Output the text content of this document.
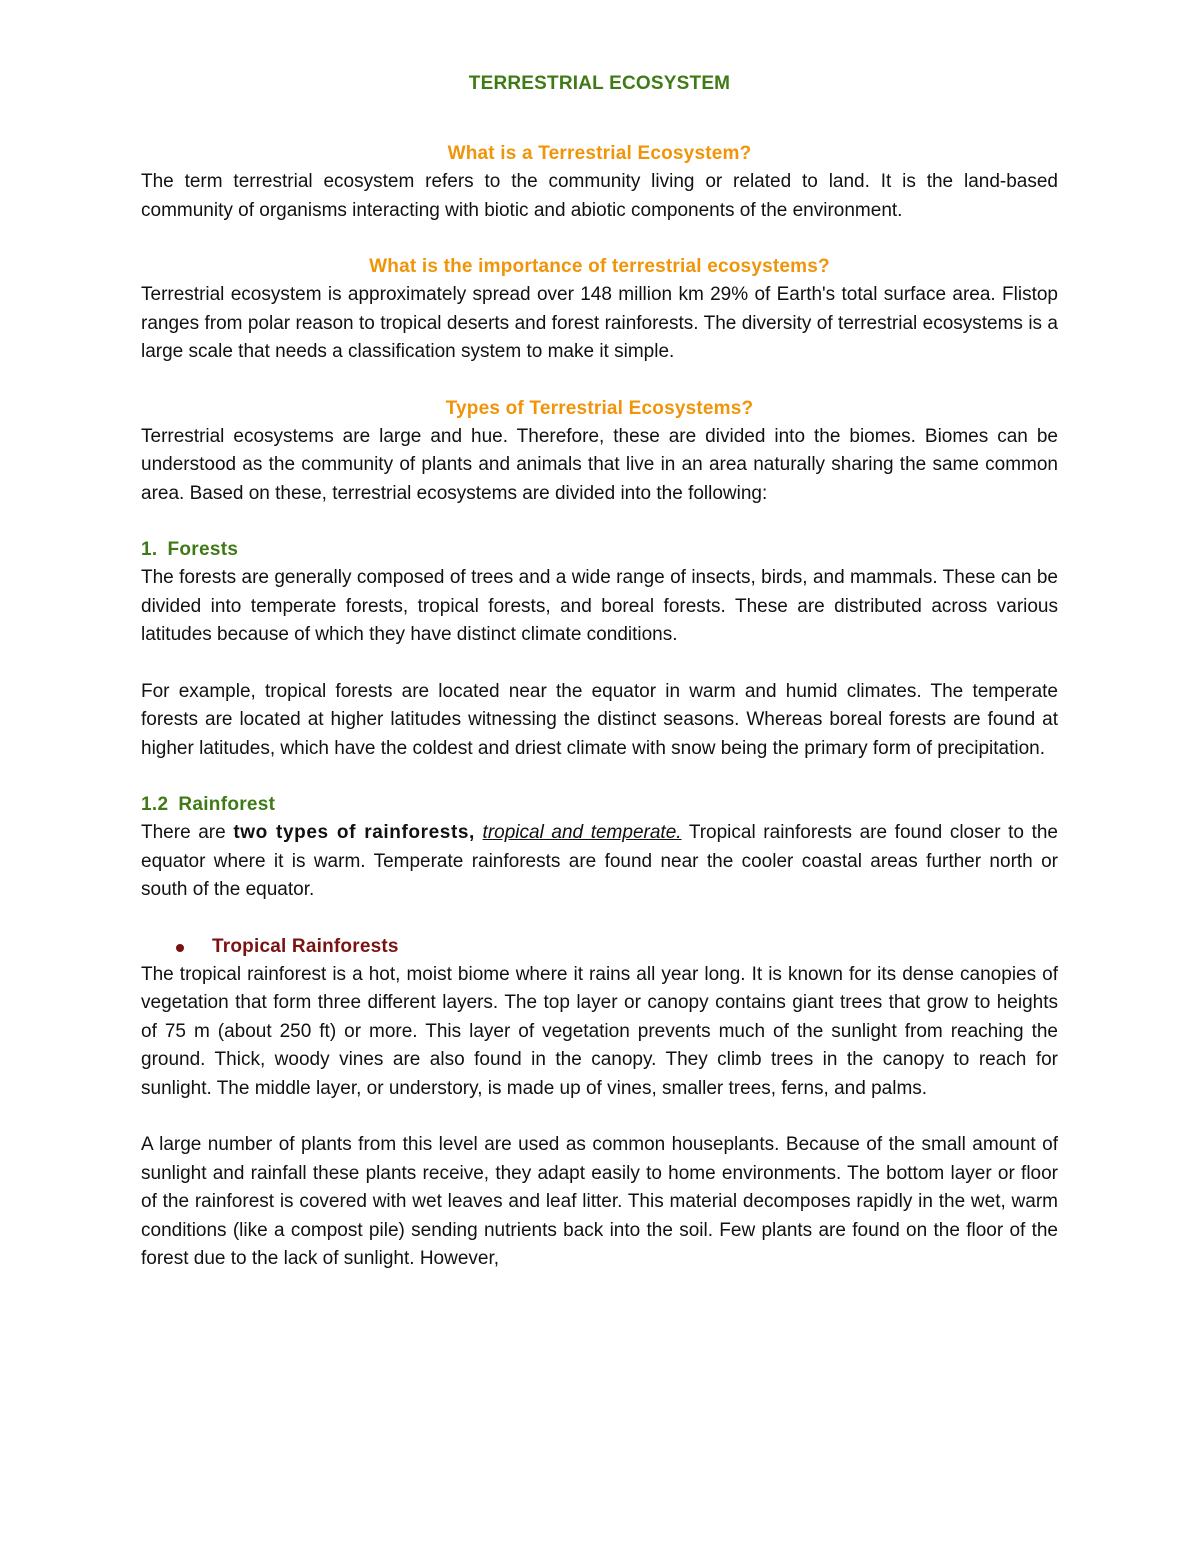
TERRESTRIAL ECOSYSTEM
What is a Terrestrial Ecosystem?

The term terrestrial ecosystem refers to the community living or related to land. It is the land-based community of organisms interacting with biotic and abiotic components of the environment.

What is the importance of terrestrial ecosystems?

Terrestrial ecosystem is approximately spread over 148 million km 29% of Earth's total surface area. Flistop ranges from polar reason to tropical deserts and forest rainforests. The diversity of terrestrial ecosystems is a large scale that needs a classification system to make it simple.

Types of Terrestrial Ecosystems?

Terrestrial ecosystems are large and hue. Therefore, these are divided into the biomes. Biomes can be understood as the community of plants and animals that live in an area naturally sharing the same common area. Based on these, terrestrial ecosystems are divided into the following:

1. Forests

The forests are generally composed of trees and a wide range of insects, birds, and mammals. These can be divided into temperate forests, tropical forests, and boreal forests. These are distributed across various latitudes because of which they have distinct climate conditions.

For example, tropical forests are located near the equator in warm and humid climates. The temperate forests are located at higher latitudes witnessing the distinct seasons. Whereas boreal forests are found at higher latitudes, which have the coldest and driest climate with snow being the primary form of precipitation.

1.2 Rainforest

There are two types of rainforests, tropical and temperate. Tropical rainforests are found closer to the equator where it is warm. Temperate rainforests are found near the cooler coastal areas further north or south of the equator.

Tropical Rainforests

The tropical rainforest is a hot, moist biome where it rains all year long. It is known for its dense canopies of vegetation that form three different layers. The top layer or canopy contains giant trees that grow to heights of 75 m (about 250 ft) or more. This layer of vegetation prevents much of the sunlight from reaching the ground. Thick, woody vines are also found in the canopy. They climb trees in the canopy to reach for sunlight. The middle layer, or understory, is made up of vines, smaller trees, ferns, and palms.

A large number of plants from this level are used as common houseplants. Because of the small amount of sunlight and rainfall these plants receive, they adapt easily to home environments. The bottom layer or floor of the rainforest is covered with wet leaves and leaf litter. This material decomposes rapidly in the wet, warm conditions (like a compost pile) sending nutrients back into the soil. Few plants are found on the floor of the forest due to the lack of sunlight. However,
